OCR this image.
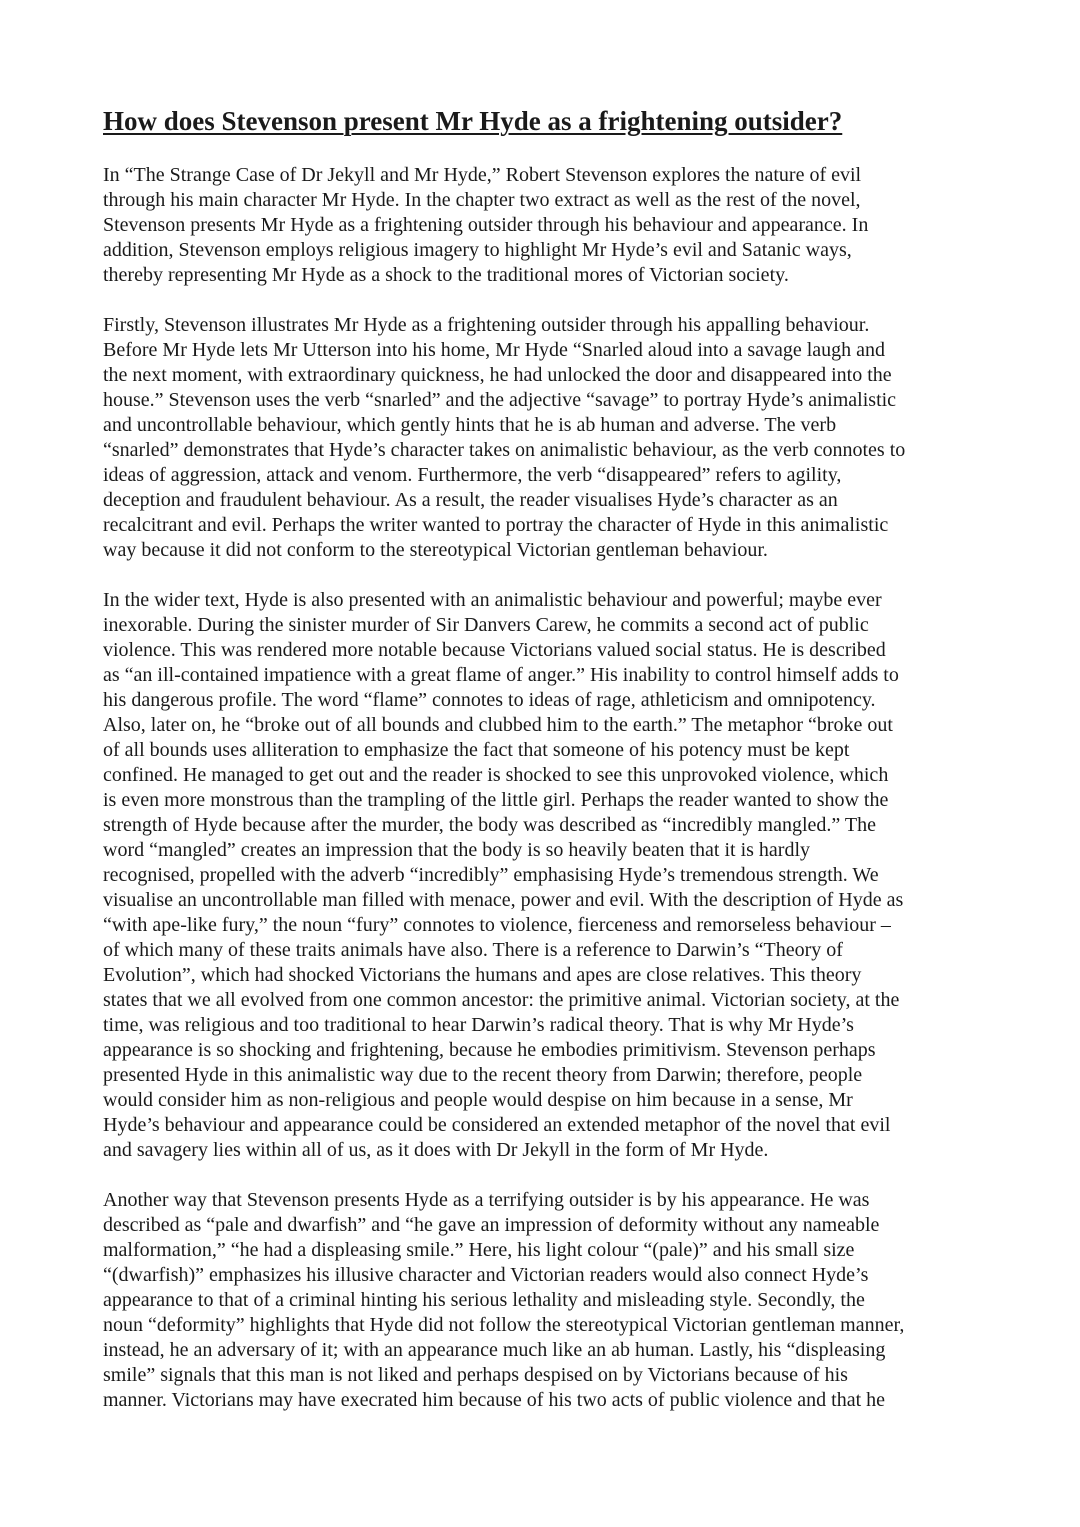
How does Stevenson present Mr Hyde as a frightening outsider?
In “The Strange Case of Dr Jekyll and Mr Hyde,” Robert Stevenson explores the nature of evil
through his main character Mr Hyde. In the chapter two extract as well as the rest of the novel,
Stevenson presents Mr Hyde as a frightening outsider through his behaviour and appearance. In
addition, Stevenson employs religious imagery to highlight Mr Hyde’s evil and Satanic ways,
thereby representing Mr Hyde as a shock to the traditional mores of Victorian society.
Firstly, Stevenson illustrates Mr Hyde as a frightening outsider through his appalling behaviour.
Before Mr Hyde lets Mr Utterson into his home, Mr Hyde “Snarled aloud into a savage laugh and
the next moment, with extraordinary quickness, he had unlocked the door and disappeared into the
house.” Stevenson uses the verb “snarled” and the adjective “savage” to portray Hyde’s animalistic
and uncontrollable behaviour, which gently hints that he is ab human and adverse. The verb
“snarled” demonstrates that Hyde’s character takes on animalistic behaviour, as the verb connotes to
ideas of aggression, attack and venom. Furthermore, the verb “disappeared” refers to agility,
deception and fraudulent behaviour. As a result, the reader visualises Hyde’s character as an
recalcitrant and evil. Perhaps the writer wanted to portray the character of Hyde in this animalistic
way because it did not conform to the stereotypical Victorian gentleman behaviour.
In the wider text, Hyde is also presented with an animalistic behaviour and powerful; maybe ever
inexorable. During the sinister murder of Sir Danvers Carew, he commits a second act of public
violence. This was rendered more notable because Victorians valued social status. He is described
as “an ill-contained impatience with a great flame of anger.” His inability to control himself adds to
his dangerous profile. The word “flame” connotes to ideas of rage, athleticism and omnipotency.
Also, later on, he “broke out of all bounds and clubbed him to the earth.” The metaphor “broke out
of all bounds uses alliteration to emphasize the fact that someone of his potency must be kept
confined. He managed to get out and the reader is shocked to see this unprovoked violence, which
is even more monstrous than the trampling of the little girl. Perhaps the reader wanted to show the
strength of Hyde because after the murder, the body was described as “incredibly mangled.” The
word “mangled” creates an impression that the body is so heavily beaten that it is hardly
recognised, propelled with the adverb “incredibly” emphasising Hyde’s tremendous strength. We
visualise an uncontrollable man filled with menace, power and evil. With the description of Hyde as
“with ape-like fury,” the noun “fury” connotes to violence, fierceness and remorseless behaviour –
of which many of these traits animals have also. There is a reference to Darwin’s “Theory of
Evolution”, which had shocked Victorians the humans and apes are close relatives. This theory
states that we all evolved from one common ancestor: the primitive animal. Victorian society, at the
time, was religious and too traditional to hear Darwin’s radical theory. That is why Mr Hyde’s
appearance is so shocking and frightening, because he embodies primitivism. Stevenson perhaps
presented Hyde in this animalistic way due to the recent theory from Darwin; therefore, people
would consider him as non-religious and people would despise on him because in a sense, Mr
Hyde’s behaviour and appearance could be considered an extended metaphor of the novel that evil
and savagery lies within all of us, as it does with Dr Jekyll in the form of Mr Hyde.
Another way that Stevenson presents Hyde as a terrifying outsider is by his appearance. He was
described as “pale and dwarfish” and “he gave an impression of deformity without any nameable
malformation,” “he had a displeasing smile.” Here, his light colour “(pale)” and his small size
“(dwarfish)” emphasizes his illusive character and Victorian readers would also connect Hyde’s
appearance to that of a criminal hinting his serious lethality and misleading style. Secondly, the
noun “deformity” highlights that Hyde did not follow the stereotypical Victorian gentleman manner,
instead, he an adversary of it; with an appearance much like an ab human. Lastly, his “displeasing
smile” signals that this man is not liked and perhaps despised on by Victorians because of his
manner. Victorians may have execrated him because of his two acts of public violence and that he
